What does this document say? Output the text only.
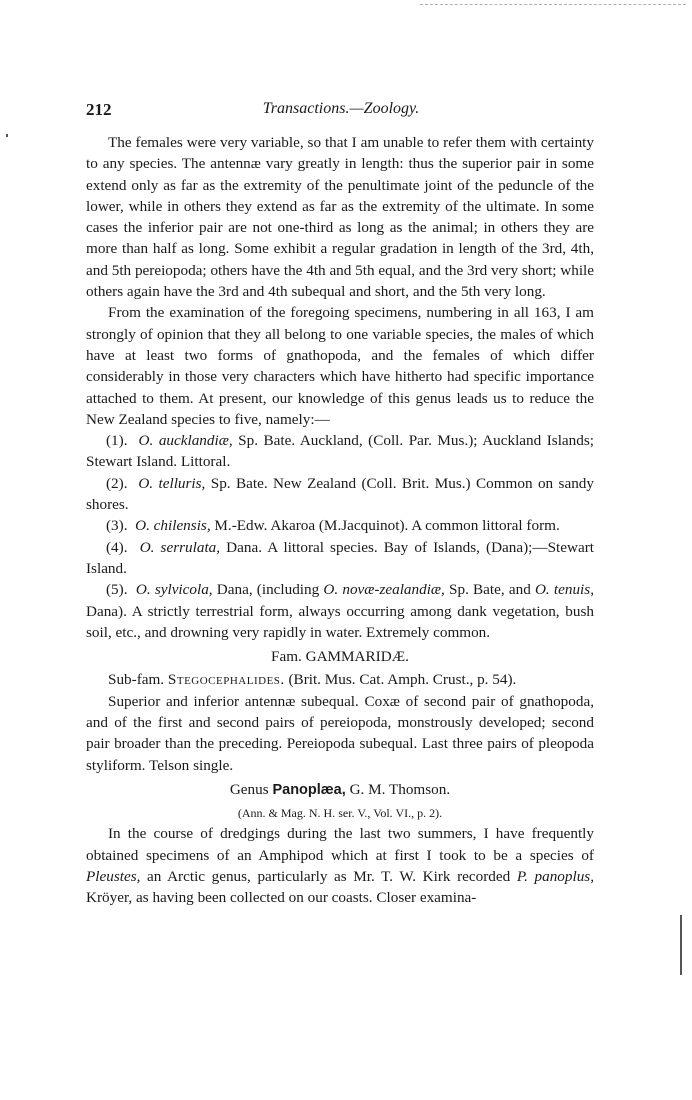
212	Transactions.—Zoology.

The females were very variable, so that I am unable to refer them with certainty to any species. The antennæ vary greatly in length: thus the superior pair in some extend only as far as the extremity of the penultimate joint of the peduncle of the lower, while in others they extend as far as the extremity of the ultimate. In some cases the inferior pair are not one-third as long as the animal; in others they are more than half as long. Some exhibit a regular gradation in length of the 3rd, 4th, and 5th pereiopoda; others have the 4th and 5th equal, and the 3rd very short; while others again have the 3rd and 4th subequal and short, and the 5th very long.

From the examination of the foregoing specimens, numbering in all 163, I am strongly of opinion that they all belong to one variable species, the males of which have at least two forms of gnathopoda, and the females of which differ considerably in those very characters which have hitherto had specific importance attached to them. At present, our knowledge of this genus leads us to reduce the New Zealand species to five, namely:—

(1). O. aucklandiæ, Sp. Bate. Auckland, (Coll. Par. Mus.); Auckland Islands; Stewart Island. Littoral.

(2). O. telluris, Sp. Bate. New Zealand (Coll. Brit. Mus.) Common on sandy shores.

(3). O. chilensis, M.-Edw. Akaroa (M.Jacquinot). A common littoral form.

(4). O. serrulata, Dana. A littoral species. Bay of Islands, (Dana);—Stewart Island.

(5). O. sylvicola, Dana, (including O. novæ-zealandiæ, Sp. Bate, and O. tenuis, Dana). A strictly terrestrial form, always occurring among dank vegetation, bush soil, etc., and drowning very rapidly in water. Extremely common.

Fam. GAMMARIDÆ.

Sub-fam. Stegocephalides. (Brit. Mus. Cat. Amph. Crust., p. 54).

Superior and inferior antennæ subequal. Coxæ of second pair of gnathopoda, and of the first and second pairs of pereiopoda, monstrously developed; second pair broader than the preceding. Pereiopoda subequal. Last three pairs of pleopoda styliform. Telson single.

Genus Panoplæa, G. M. Thomson.

(Ann. & Mag. N. H. ser. V., Vol. VI., p. 2).

In the course of dredgings during the last two summers, I have frequently obtained specimens of an Amphipod which at first I took to be a species of Pleustes, an Arctic genus, particularly as Mr. T. W. Kirk recorded P. panoplus, Kröyer, as having been collected on our coasts. Closer examina-
